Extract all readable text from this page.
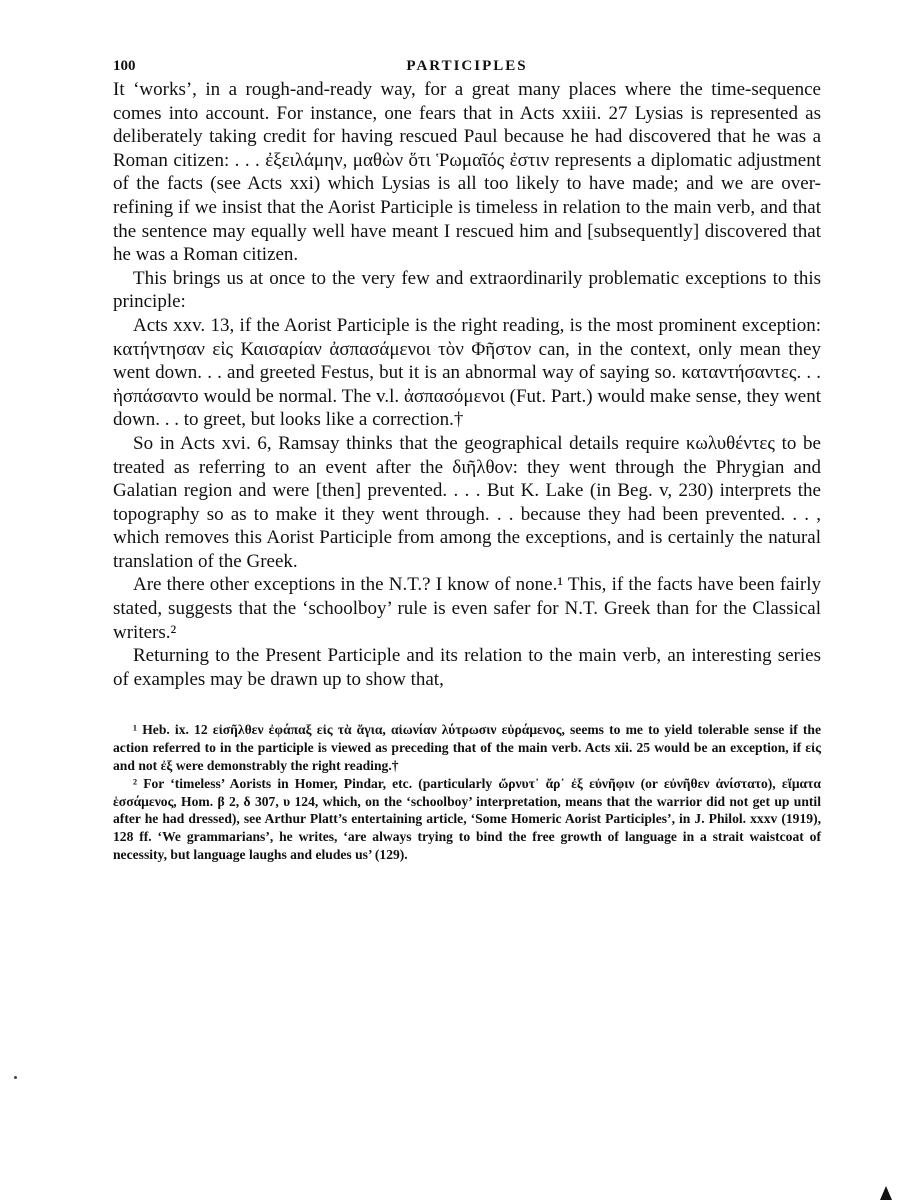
100	PARTICIPLES

It ‘works’, in a rough-and-ready way, for a great many places where the time-sequence comes into account. For instance, one fears that in Acts xxiii. 27 Lysias is represented as deliberately taking credit for having rescued Paul because he had discovered that he was a Roman citizen: . . . ἐξειλάμην, μαθὼν ὅτι Ῥωμαῖός ἐστιν represents a diplomatic adjustment of the facts (see Acts xxi) which Lysias is all too likely to have made; and we are over-refining if we insist that the Aorist Participle is timeless in relation to the main verb, and that the sentence may equally well have meant I rescued him and [subsequently] discovered that he was a Roman citizen.

This brings us at once to the very few and extraordinarily problematic exceptions to this principle:

Acts xxv. 13, if the Aorist Participle is the right reading, is the most prominent exception: κατήντησαν εἰς Καισαρίαν ἀσπασάμενοι τὸν Φῆστον can, in the context, only mean they went down. . . and greeted Festus, but it is an abnormal way of saying so. καταντήσαντες. . . ἠσπάσαντο would be normal. The v.l. ἀσπασόμενοι (Fut. Part.) would make sense, they went down. . . to greet, but looks like a correction.†

So in Acts xvi. 6, Ramsay thinks that the geographical details require κωλυθέντες to be treated as referring to an event after the διῆλθον: they went through the Phrygian and Galatian region and were [then] prevented. . . . But K. Lake (in Beg. v, 230) interprets the topography so as to make it they went through. . . because they had been prevented. . . , which removes this Aorist Participle from among the exceptions, and is certainly the natural translation of the Greek.

Are there other exceptions in the N.T.? I know of none.¹ This, if the facts have been fairly stated, suggests that the ‘schoolboy’ rule is even safer for N.T. Greek than for the Classical writers.²

Returning to the Present Participle and its relation to the main verb, an interesting series of examples may be drawn up to show that,

¹ Heb. ix. 12 εἰσῆλθεν ἐφάπαξ εἰς τὰ ἅγια, αἰωνίαν λύτρωσιν εὑράμενος, seems to me to yield tolerable sense if the action referred to in the participle is viewed as preceding that of the main verb. Acts xii. 25 would be an exception, if εἰς and not ἐξ were demonstrably the right reading.†

² For ‘timeless’ Aorists in Homer, Pindar, etc. (particularly ὤρνυτ᾽ ἄρ᾽ ἐξ εὐνῆφιν (or εὐνῆθεν ἀνίστατο), εἵματα ἑσσάμενος, Hom. β 2, δ 307, υ 124, which, on the ‘schoolboy’ interpretation, means that the warrior did not get up until after he had dressed), see Arthur Platt’s entertaining article, ‘Some Homeric Aorist Participles’, in J. Philol. xxxv (1919), 128 ff. ‘We grammarians’, he writes, ‘are always trying to bind the free growth of language in a strait waistcoat of necessity, but language laughs and eludes us’ (129).
